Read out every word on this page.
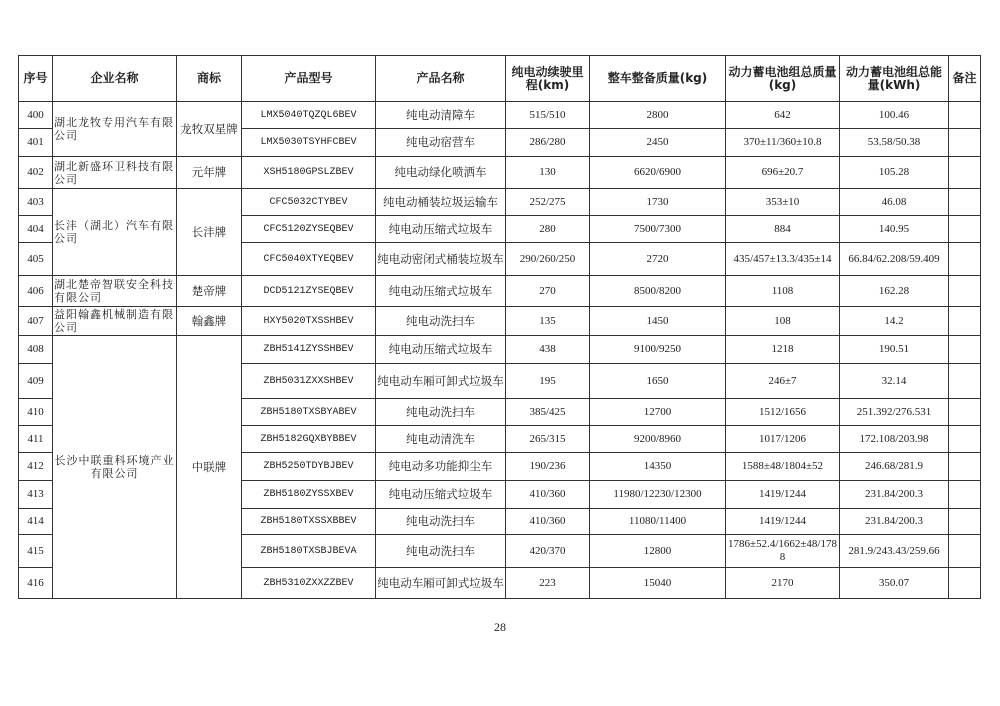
序号	企业名称	商标	产品型号	产品名称	纯电动续驶里程(km)	整车整备质量(kg)	动力蓄电池组总质量(kg)	动力蓄电池组总能量(kWh)	备注
400	湖北龙牧专用汽车有限公司	龙牧双星牌	LMX5040TQZQL6BEV	纯电动清障车	515/510	2800	642	100.46	
401			LMX5030TSYHFCBEV	纯电动宿营车	286/280	2450	370±11/360±10.8	53.58/50.38	
402	湖北新盛环卫科技有限公司	元年牌	XSH5180GPSLZBEV	纯电动绿化喷洒车	130	6620/6900	696±20.7	105.28	
403	长沣（湖北）汽车有限公司	长沣牌	CFC5032CTYBEV	纯电动桶装垃圾运输车	252/275	1730	353±10	46.08	
404			CFC5120ZYSEQBEV	纯电动压缩式垃圾车	280	7500/7300	884	140.95	
405			CFC5040XTYEQBEV	纯电动密闭式桶装垃圾车	290/260/250	2720	435/457±13.3/435±14	66.84/62.208/59.409	
406	湖北楚帝智联安全科技有限公司	楚帝牌	DCD5121ZYSEQBEV	纯电动压缩式垃圾车	270	8500/8200	1108	162.28	
407	益阳翰鑫机械制造有限公司	翰鑫牌	HXY5020TXSSHBEV	纯电动洗扫车	135	1450	108	14.2	
408	长沙中联重科环境产业有限公司	中联牌	ZBH5141ZYSSHBEV	纯电动压缩式垃圾车	438	9100/9250	1218	190.51	
409			ZBH5031ZXXSHBEV	纯电动车厢可卸式垃圾车	195	1650	246±7	32.14	
410			ZBH5180TXSBYABEV	纯电动洗扫车	385/425	12700	1512/1656	251.392/276.531	
411			ZBH5182GQXBYBBEV	纯电动清洗车	265/315	9200/8960	1017/1206	172.108/203.98	
412			ZBH5250TDYBJBEV	纯电动多功能抑尘车	190/236	14350	1588±48/1804±52	246.68/281.9	
413			ZBH5180ZYSSXBEV	纯电动压缩式垃圾车	410/360	11980/12230/12300	1419/1244	231.84/200.3	
414			ZBH5180TXSSXBBEV	纯电动洗扫车	410/360	11080/11400	1419/1244	231.84/200.3	
415			ZBH5180TXSBJBEVA	纯电动洗扫车	420/370	12800	1786±52.4/1662±48/1788	281.9/243.43/259.66	
416			ZBH5310ZXXZZBEV	纯电动车厢可卸式垃圾车	223	15040	2170	350.07	
28
